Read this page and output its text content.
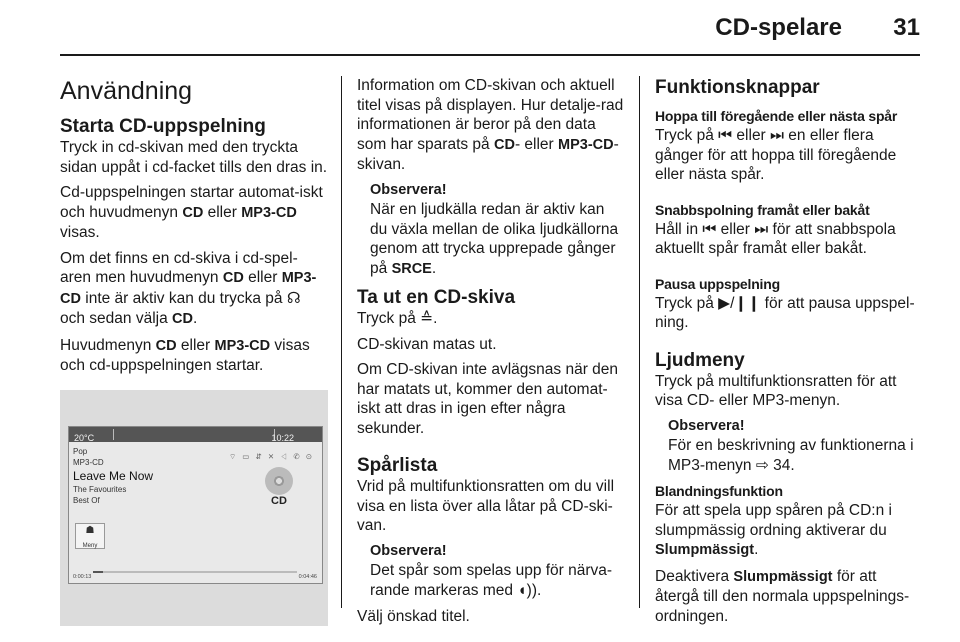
CD-spelare 31
Användning
Starta CD-uppspelning

Tryck in cd-skivan med den tryckta sidan uppåt i cd-facket tills den dras in.

Cd-uppspelningen startar automat-iskt och huvudmenyn CD eller MP3-CD visas.

Om det finns en cd-skiva i cd-spel-aren men huvudmenyn CD eller MP3-CD inte är aktiv kan du trycka på ☊ och sedan välja CD.

Huvudmenyn CD eller MP3-CD visas och cd-uppspelningen startar.

20°C	10:22
⌔ ▭ ⇵ ✕ ◁ ✆ ⊙
Pop
MP3-CD
Leave Me Now
The Favourites
Best Of	CD
☗
Meny
0:00:13	0:04:46

Information om CD-skivan och aktuell titel visas på displayen. Hur detalje-rad informationen är beror på den data som har sparats på CD- eller MP3-CD-skivan.

Observera!
När en ljudkälla redan är aktiv kan du växla mellan de olika ljudkällorna genom att trycka upprepade gånger på SRCE.
Ta ut en CD-skiva

Tryck på ≙.

CD-skivan matas ut.

Om CD-skivan inte avlägsnas när den har matats ut, kommer den automat-iskt att dras in igen efter några sekunder.

Spårlista

Vrid på multifunktionsratten om du vill visa en lista över alla låtar på CD-ski-van.

Observera!
Det spår som spelas upp för närva-rande markeras med ◖)).

Välj önskad titel.

Funktionsknappar
Hoppa till föregående eller nästa spår

Tryck på ⏮ eller ⏭ en eller flera gånger för att hoppa till föregående eller nästa spår.

Snabbspolning framåt eller bakåt

Håll in ⏮ eller ⏭ för att snabbspola aktuellt spår framåt eller bakåt.

Pausa uppspelning

Tryck på ▶/❙❙ för att pausa uppspel-ning.

Ljudmeny

Tryck på multifunktionsratten för att visa CD- eller MP3-menyn.

Observera!
För en beskrivning av funktionerna i MP3-menyn ⇨ 34.
Blandningsfunktion

För att spela upp spåren på CD:n i slumpmässig ordning aktiverar du Slumpmässigt.

Deaktivera Slumpmässigt för att återgå till den normala uppspelnings-ordningen.
